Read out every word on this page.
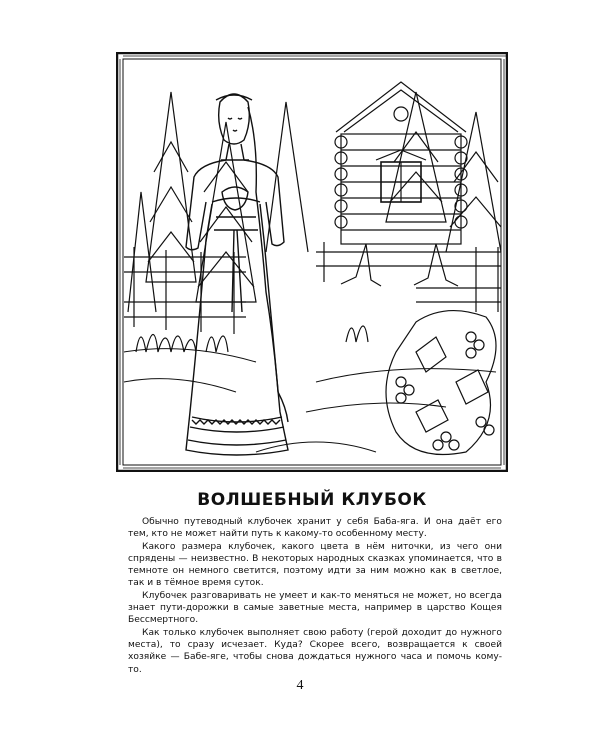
ВОЛШЕБНЫЙ КЛУБОК

Обычно путеводный клубочек хранит у себя Баба-яга. И она даёт его тем, кто не может найти путь к какому-то особенному месту.

Какого размера клубочек, какого цвета в нём ниточки, из чего они спрядены — неизвестно. В некоторых народных сказках упоминается, что в темноте он немного светится, поэтому идти за ним можно как в светлое, так и в тёмное время суток.

Клубочек разговаривать не умеет и как-то меняться не может, но всегда знает пути-дорожки в самые заветные места, например в царство Кощея Бессмертного.

Как только клубочек выполняет свою работу (герой доходит до нужного места), то сразу исчезает. Куда? Скорее всего, возвращается к своей хозяйке — Бабе-яге, чтобы снова дождаться нужного часа и помочь кому-то.

4
